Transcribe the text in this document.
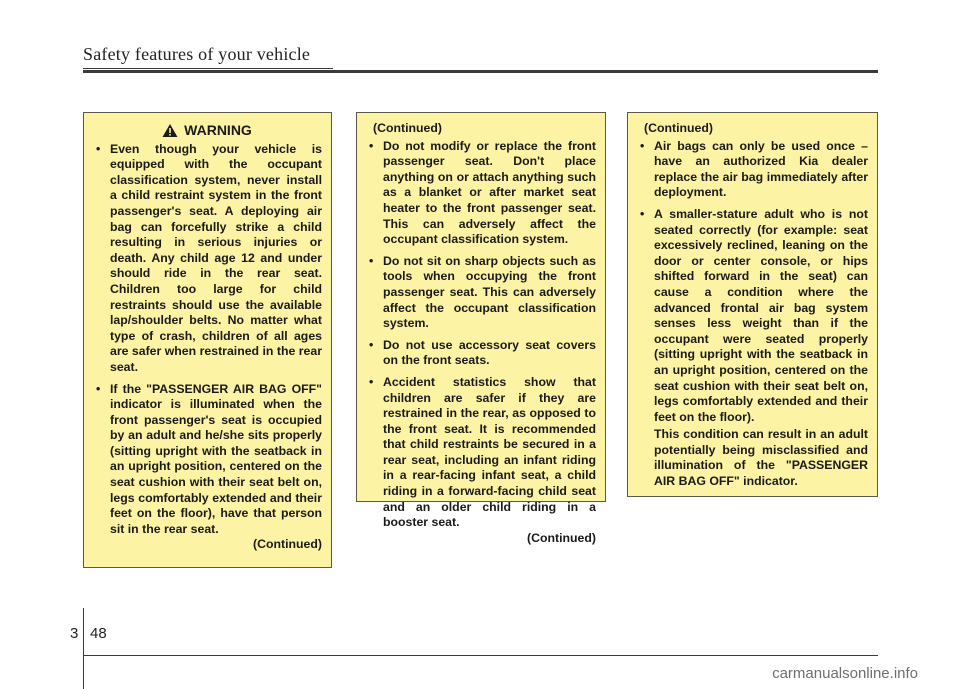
Safety features of your vehicle
WARNING
• Even though your vehicle is equipped with the occupant classification system, never install a child restraint system in the front passenger's seat. A deploying air bag can forcefully strike a child resulting in serious injuries or death. Any child age 12 and under should ride in the rear seat. Children too large for child restraints should use the available lap/shoulder belts. No matter what type of crash, children of all ages are safer when restrained in the rear seat.
• If the "PASSENGER AIR BAG OFF" indicator is illuminated when the front passenger's seat is occupied by an adult and he/she sits properly (sitting upright with the seatback in an upright position, centered on the seat cushion with their seat belt on, legs comfortably extended and their feet on the floor), have that person sit in the rear seat.
(Continued)
(Continued)
• Do not modify or replace the front passenger seat. Don't place anything on or attach anything such as a blanket or after market seat heater to the front passenger seat. This can adversely affect the occupant classification system.
• Do not sit on sharp objects such as tools when occupying the front passenger seat. This can adversely affect the occupant classification system.
• Do not use accessory seat covers on the front seats.
• Accident statistics show that children are safer if they are restrained in the rear, as opposed to the front seat. It is recommended that child restraints be secured in a rear seat, including an infant riding in a rear-facing infant seat, a child riding in a forward-facing child seat and an older child riding in a booster seat.
(Continued)
(Continued)
• Air bags can only be used once – have an authorized Kia dealer replace the air bag immediately after deployment.
• A smaller-stature adult who is not seated correctly (for example: seat excessively reclined, leaning on the door or center console, or hips shifted forward in the seat) can cause a condition where the advanced frontal air bag system senses less weight than if the occupant were seated properly (sitting upright with the seatback in an upright position, centered on the seat cushion with their seat belt on, legs comfortably extended and their feet on the floor).
This condition can result in an adult potentially being misclassified and illumination of the "PASSENGER AIR BAG OFF" indicator.
3 48
carmanualsonline.info
